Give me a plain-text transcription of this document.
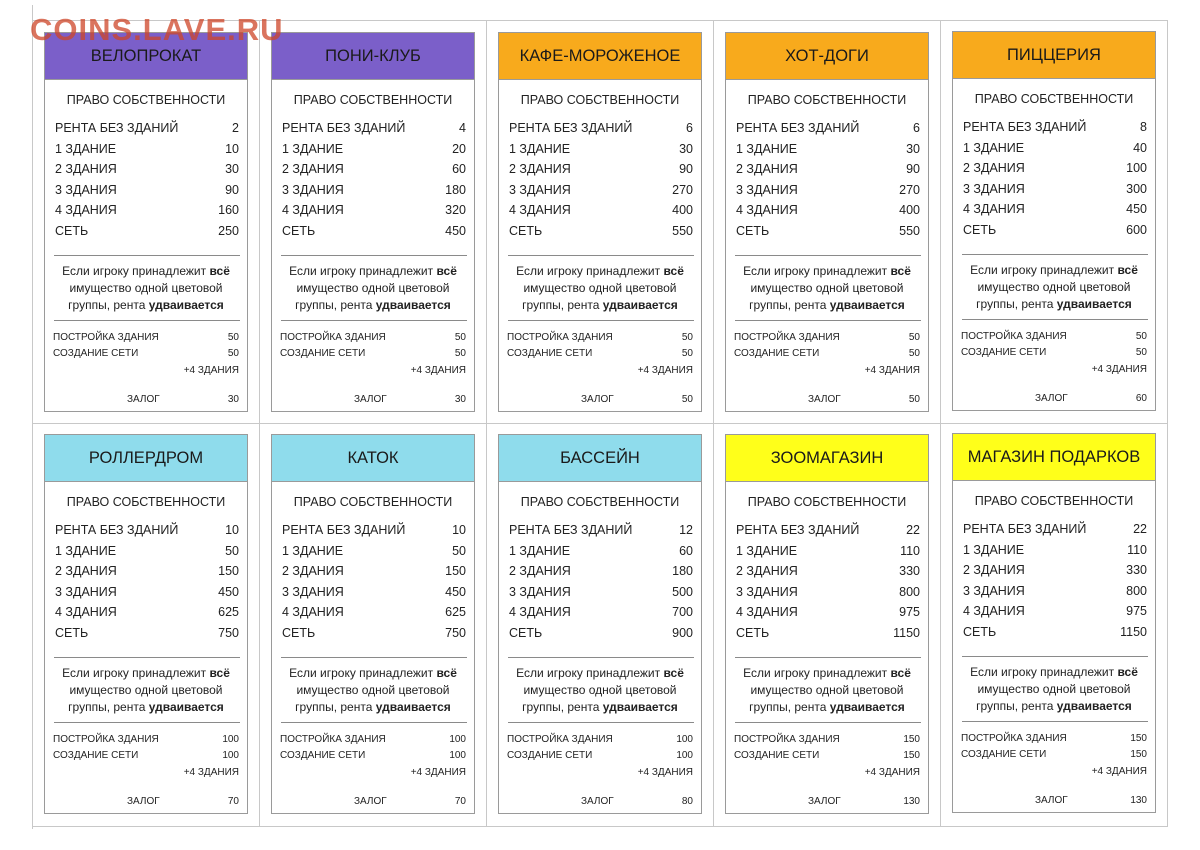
COINS.LAVE.RU
ВЕЛОПРОКАТ
ПРАВО СОБСТВЕННОСТИ
РЕНТА БЕЗ ЗДАНИЙ	2
1 ЗДАНИЕ	10
2 ЗДАНИЯ	30
3 ЗДАНИЯ	90
4 ЗДАНИЯ	160
СЕТЬ	250
Если игроку принадлежит всё
имущество одной цветовой
группы, рента удваивается
ПОСТРОЙКА ЗДАНИЯ	50
СОЗДАНИЕ СЕТИ	50
+4 ЗДАНИЯ
ЗАЛОГ	30
ПОНИ-КЛУБ
ПРАВО СОБСТВЕННОСТИ
РЕНТА БЕЗ ЗДАНИЙ	4
1 ЗДАНИЕ	20
2 ЗДАНИЯ	60
3 ЗДАНИЯ	180
4 ЗДАНИЯ	320
СЕТЬ	450
Если игроку принадлежит всё
имущество одной цветовой
группы, рента удваивается
ПОСТРОЙКА ЗДАНИЯ	50
СОЗДАНИЕ СЕТИ	50
+4 ЗДАНИЯ
ЗАЛОГ	30
КАФЕ-МОРОЖЕНОЕ
ПРАВО СОБСТВЕННОСТИ
РЕНТА БЕЗ ЗДАНИЙ	6
1 ЗДАНИЕ	30
2 ЗДАНИЯ	90
3 ЗДАНИЯ	270
4 ЗДАНИЯ	400
СЕТЬ	550
Если игроку принадлежит всё
имущество одной цветовой
группы, рента удваивается
ПОСТРОЙКА ЗДАНИЯ	50
СОЗДАНИЕ СЕТИ	50
+4 ЗДАНИЯ
ЗАЛОГ	50
ХОТ-ДОГИ
ПРАВО СОБСТВЕННОСТИ
РЕНТА БЕЗ ЗДАНИЙ	6
1 ЗДАНИЕ	30
2 ЗДАНИЯ	90
3 ЗДАНИЯ	270
4 ЗДАНИЯ	400
СЕТЬ	550
Если игроку принадлежит всё
имущество одной цветовой
группы, рента удваивается
ПОСТРОЙКА ЗДАНИЯ	50
СОЗДАНИЕ СЕТИ	50
+4 ЗДАНИЯ
ЗАЛОГ	50
ПИЦЦЕРИЯ
ПРАВО СОБСТВЕННОСТИ
РЕНТА БЕЗ ЗДАНИЙ	8
1 ЗДАНИЕ	40
2 ЗДАНИЯ	100
3 ЗДАНИЯ	300
4 ЗДАНИЯ	450
СЕТЬ	600
Если игроку принадлежит всё
имущество одной цветовой
группы, рента удваивается
ПОСТРОЙКА ЗДАНИЯ	50
СОЗДАНИЕ СЕТИ	50
+4 ЗДАНИЯ
ЗАЛОГ	60
РОЛЛЕРДРОМ
ПРАВО СОБСТВЕННОСТИ
РЕНТА БЕЗ ЗДАНИЙ	10
1 ЗДАНИЕ	50
2 ЗДАНИЯ	150
3 ЗДАНИЯ	450
4 ЗДАНИЯ	625
СЕТЬ	750
Если игроку принадлежит всё
имущество одной цветовой
группы, рента удваивается
ПОСТРОЙКА ЗДАНИЯ	100
СОЗДАНИЕ СЕТИ	100
+4 ЗДАНИЯ
ЗАЛОГ	70
КАТОК
ПРАВО СОБСТВЕННОСТИ
РЕНТА БЕЗ ЗДАНИЙ	10
1 ЗДАНИЕ	50
2 ЗДАНИЯ	150
3 ЗДАНИЯ	450
4 ЗДАНИЯ	625
СЕТЬ	750
Если игроку принадлежит всё
имущество одной цветовой
группы, рента удваивается
ПОСТРОЙКА ЗДАНИЯ	100
СОЗДАНИЕ СЕТИ	100
+4 ЗДАНИЯ
ЗАЛОГ	70
БАССЕЙН
ПРАВО СОБСТВЕННОСТИ
РЕНТА БЕЗ ЗДАНИЙ	12
1 ЗДАНИЕ	60
2 ЗДАНИЯ	180
3 ЗДАНИЯ	500
4 ЗДАНИЯ	700
СЕТЬ	900
Если игроку принадлежит всё
имущество одной цветовой
группы, рента удваивается
ПОСТРОЙКА ЗДАНИЯ	100
СОЗДАНИЕ СЕТИ	100
+4 ЗДАНИЯ
ЗАЛОГ	80
ЗООМАГАЗИН
ПРАВО СОБСТВЕННОСТИ
РЕНТА БЕЗ ЗДАНИЙ	22
1 ЗДАНИЕ	110
2 ЗДАНИЯ	330
3 ЗДАНИЯ	800
4 ЗДАНИЯ	975
СЕТЬ	1150
Если игроку принадлежит всё
имущество одной цветовой
группы, рента удваивается
ПОСТРОЙКА ЗДАНИЯ	150
СОЗДАНИЕ СЕТИ	150
+4 ЗДАНИЯ
ЗАЛОГ	130
МАГАЗИН ПОДАРКОВ
ПРАВО СОБСТВЕННОСТИ
РЕНТА БЕЗ ЗДАНИЙ	22
1 ЗДАНИЕ	110
2 ЗДАНИЯ	330
3 ЗДАНИЯ	800
4 ЗДАНИЯ	975
СЕТЬ	1150
Если игроку принадлежит всё
имущество одной цветовой
группы, рента удваивается
ПОСТРОЙКА ЗДАНИЯ	150
СОЗДАНИЕ СЕТИ	150
+4 ЗДАНИЯ
ЗАЛОГ	130
